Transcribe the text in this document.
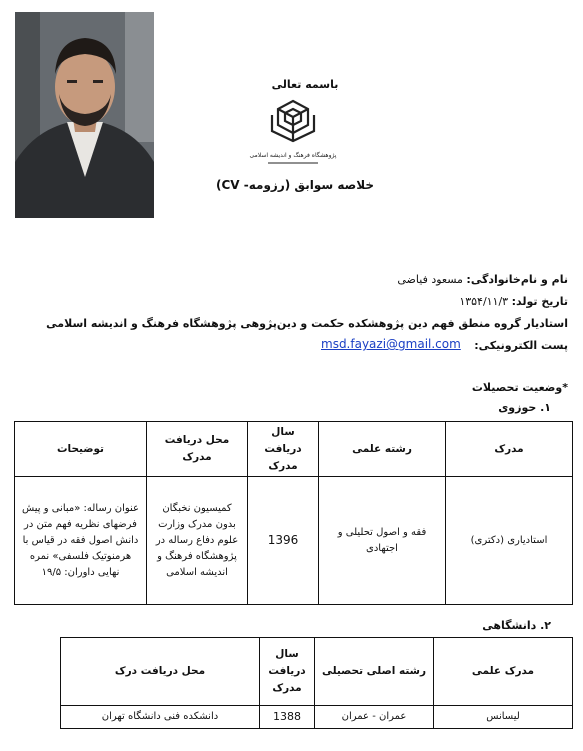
باسمه تعالی
پژوهشگاه فرهنگ و اندیشه اسلامی
خلاصه سوابق (رزومه- CV)
نام و نام‌خانوادگی: مسعود فیاضی
تاریخ تولد: ۱۳۵۴/۱۱/۳
استادیار گروه منطق فهم دین پژوهشکده حکمت و دین‌پژوهی پژوهشگاه فرهنگ و اندیشه اسلامی
پست الکترونیکی:
msd.fayazi@gmail.com
*وضعیت تحصیلات
۱. حوزوی
مدرک	رشته علمی	سال دریافت مدرک	محل دریافت مدرک	توضیحات
استادیاری (دکتری)	فقه و اصول تحلیلی و اجتهادی	1396	کمیسیون نخبگان بدون مدرک وزارت علوم دفاع رساله در پژوهشگاه فرهنگ و اندیشه اسلامی	عنوان رساله: «مبانی و پیش فرضهای نظریه فهم متن در دانش اصول فقه در قیاس با هرمنوتیک فلسفی» نمره نهایی داوران: ۱۹/۵
۲. دانشگاهی
مدرک علمی	رشته اصلی تحصیلی	سال دریافت مدرک	محل دریافت درک
لیسانس	عمران - عمران	1388	دانشکده فنی دانشگاه تهران
